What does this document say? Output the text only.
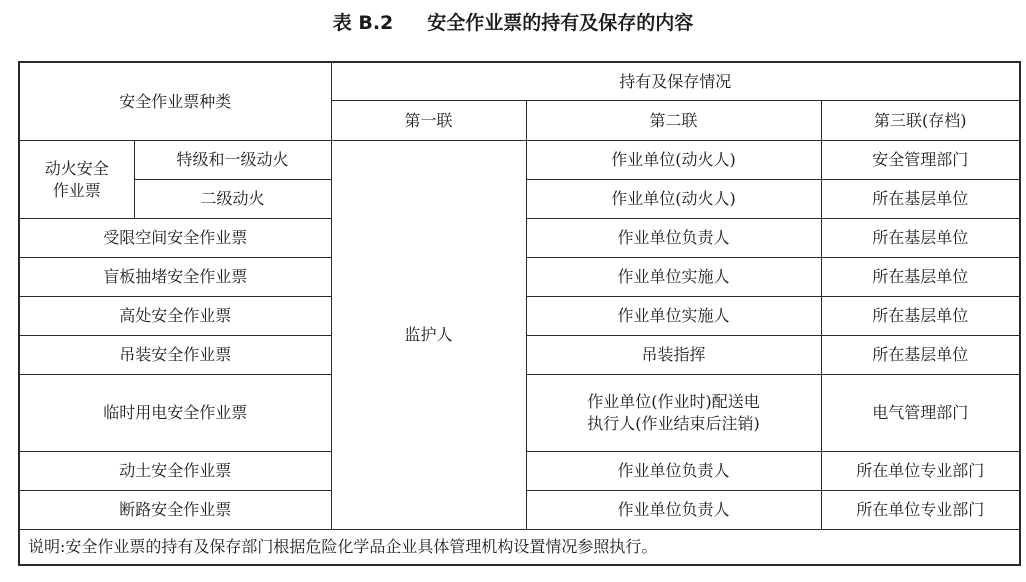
表 B.2 安全作业票的持有及保存的内容
安全作业票种类		持有及保存情况		
		第一联	第二联	第三联(存档)

动火安全
作业票	特级和一级动火	监护人	作业单位(动火人)	安全管理部门
	二级动火		作业单位(动火人)	所在基层单位
受限空间安全作业票			作业单位负责人	所在基层单位
盲板抽堵安全作业票			作业单位实施人	所在基层单位
高处安全作业票			作业单位实施人	所在基层单位
吊装安全作业票			吊装指挥	所在基层单位
临时用电安全作业票			作业单位(作业时)配送电
执行人(作业结束后注销)	电气管理部门
动土安全作业票			作业单位负责人	所在单位专业部门
断路安全作业票			作业单位负责人	所在单位专业部门
说明:安全作业票的持有及保存部门根据危险化学品企业具体管理机构设置情况参照执行。				
